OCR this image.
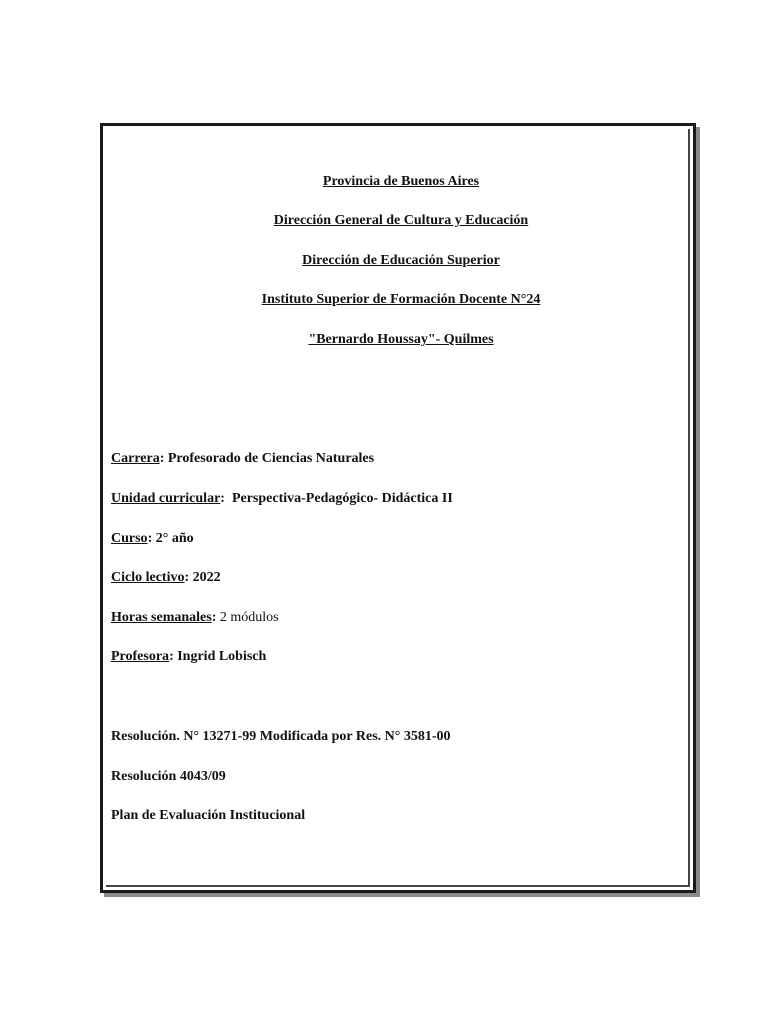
Provincia de Buenos Aires
Dirección General de Cultura y Educación
Dirección de Educación Superior
Instituto Superior de Formación Docente N°24
"Bernardo Houssay"- Quilmes
Carrera: Profesorado de Ciencias Naturales
Unidad curricular:  Perspectiva-Pedagógico- Didáctica II
Curso: 2° año
Ciclo lectivo: 2022
Horas semanales: 2 módulos
Profesora: Ingrid Lobisch
Resolución. N° 13271-99 Modificada por Res. N° 3581-00
Resolución 4043/09
Plan de Evaluación Institucional
